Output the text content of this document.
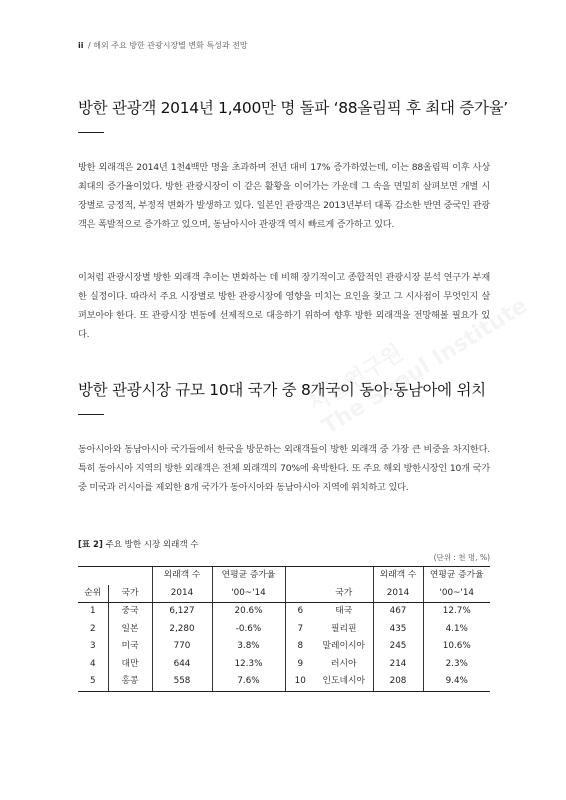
ii / 해외 주요 방한 관광시장별 변화 특성과 전망
방한 관광객 2014년 1,400만 명 돌파 ‘88올림픽 후 최대 증가율’

방한 외래객은 2014년 1천4백만 명을 초과하며 전년 대비 17% 증가하였는데, 이는 88올림픽 이후 사상 최대의 증가율이었다. 방한 관광시장이 이 같은 활황을 이어가는 가운데 그 속을 면밀히 살펴보면 개별 시장별로 긍정적, 부정적 변화가 발생하고 있다. 일본인 관광객은 2013년부터 대폭 감소한 반면 중국인 관광객은 폭발적으로 증가하고 있으며, 동남아시아 관광객 역시 빠르게 증가하고 있다.

이처럼 관광시장별 방한 외래객 추이는 변화하는 데 비해 장기적이고 종합적인 관광시장 분석 연구가 부재한 실정이다. 따라서 주요 시장별로 방한 관광시장에 영향을 미치는 요인을 찾고 그 시사점이 무엇인지 살펴보아야 한다. 또 관광시장 변동에 선제적으로 대응하기 위하여 향후 방한 외래객을 전망해볼 필요가 있다.

방한 관광시장 규모 10대 국가 중 8개국이 동아·동남아에 위치

동아시아와 동남아시아 국가들에서 한국을 방문하는 외래객들이 방한 외래객 중 가장 큰 비중을 차지한다. 특히 동아시아 지역의 방한 외래객은 전체 외래객의 70%에 육박한다. 또 주요 해외 방한시장인 10개 국가 중 미국과 러시아를 제외한 8개 국가가 동아시아와 동남아시아 지역에 위치하고 있다.

[표 2] 주요 방한 시장 외래객 수
(단위 : 천 명, %)
		외래객 수	연평균 증가율			외래객 수	연평균 증가율
순위	국가	2014	'00~'14		국가	2014	'00~'14
1	중국	6,127	20.6%	6	태국	467	12.7%
2	일본	2,280	-0.6%	7	필리핀	435	4.1%
3	미국	770	3.8%	8	말레이시아	245	10.6%
4	대만	644	12.3%	9	러시아	214	2.3%
5	홍콩	558	7.6%	10	인도네시아	208	9.4%
